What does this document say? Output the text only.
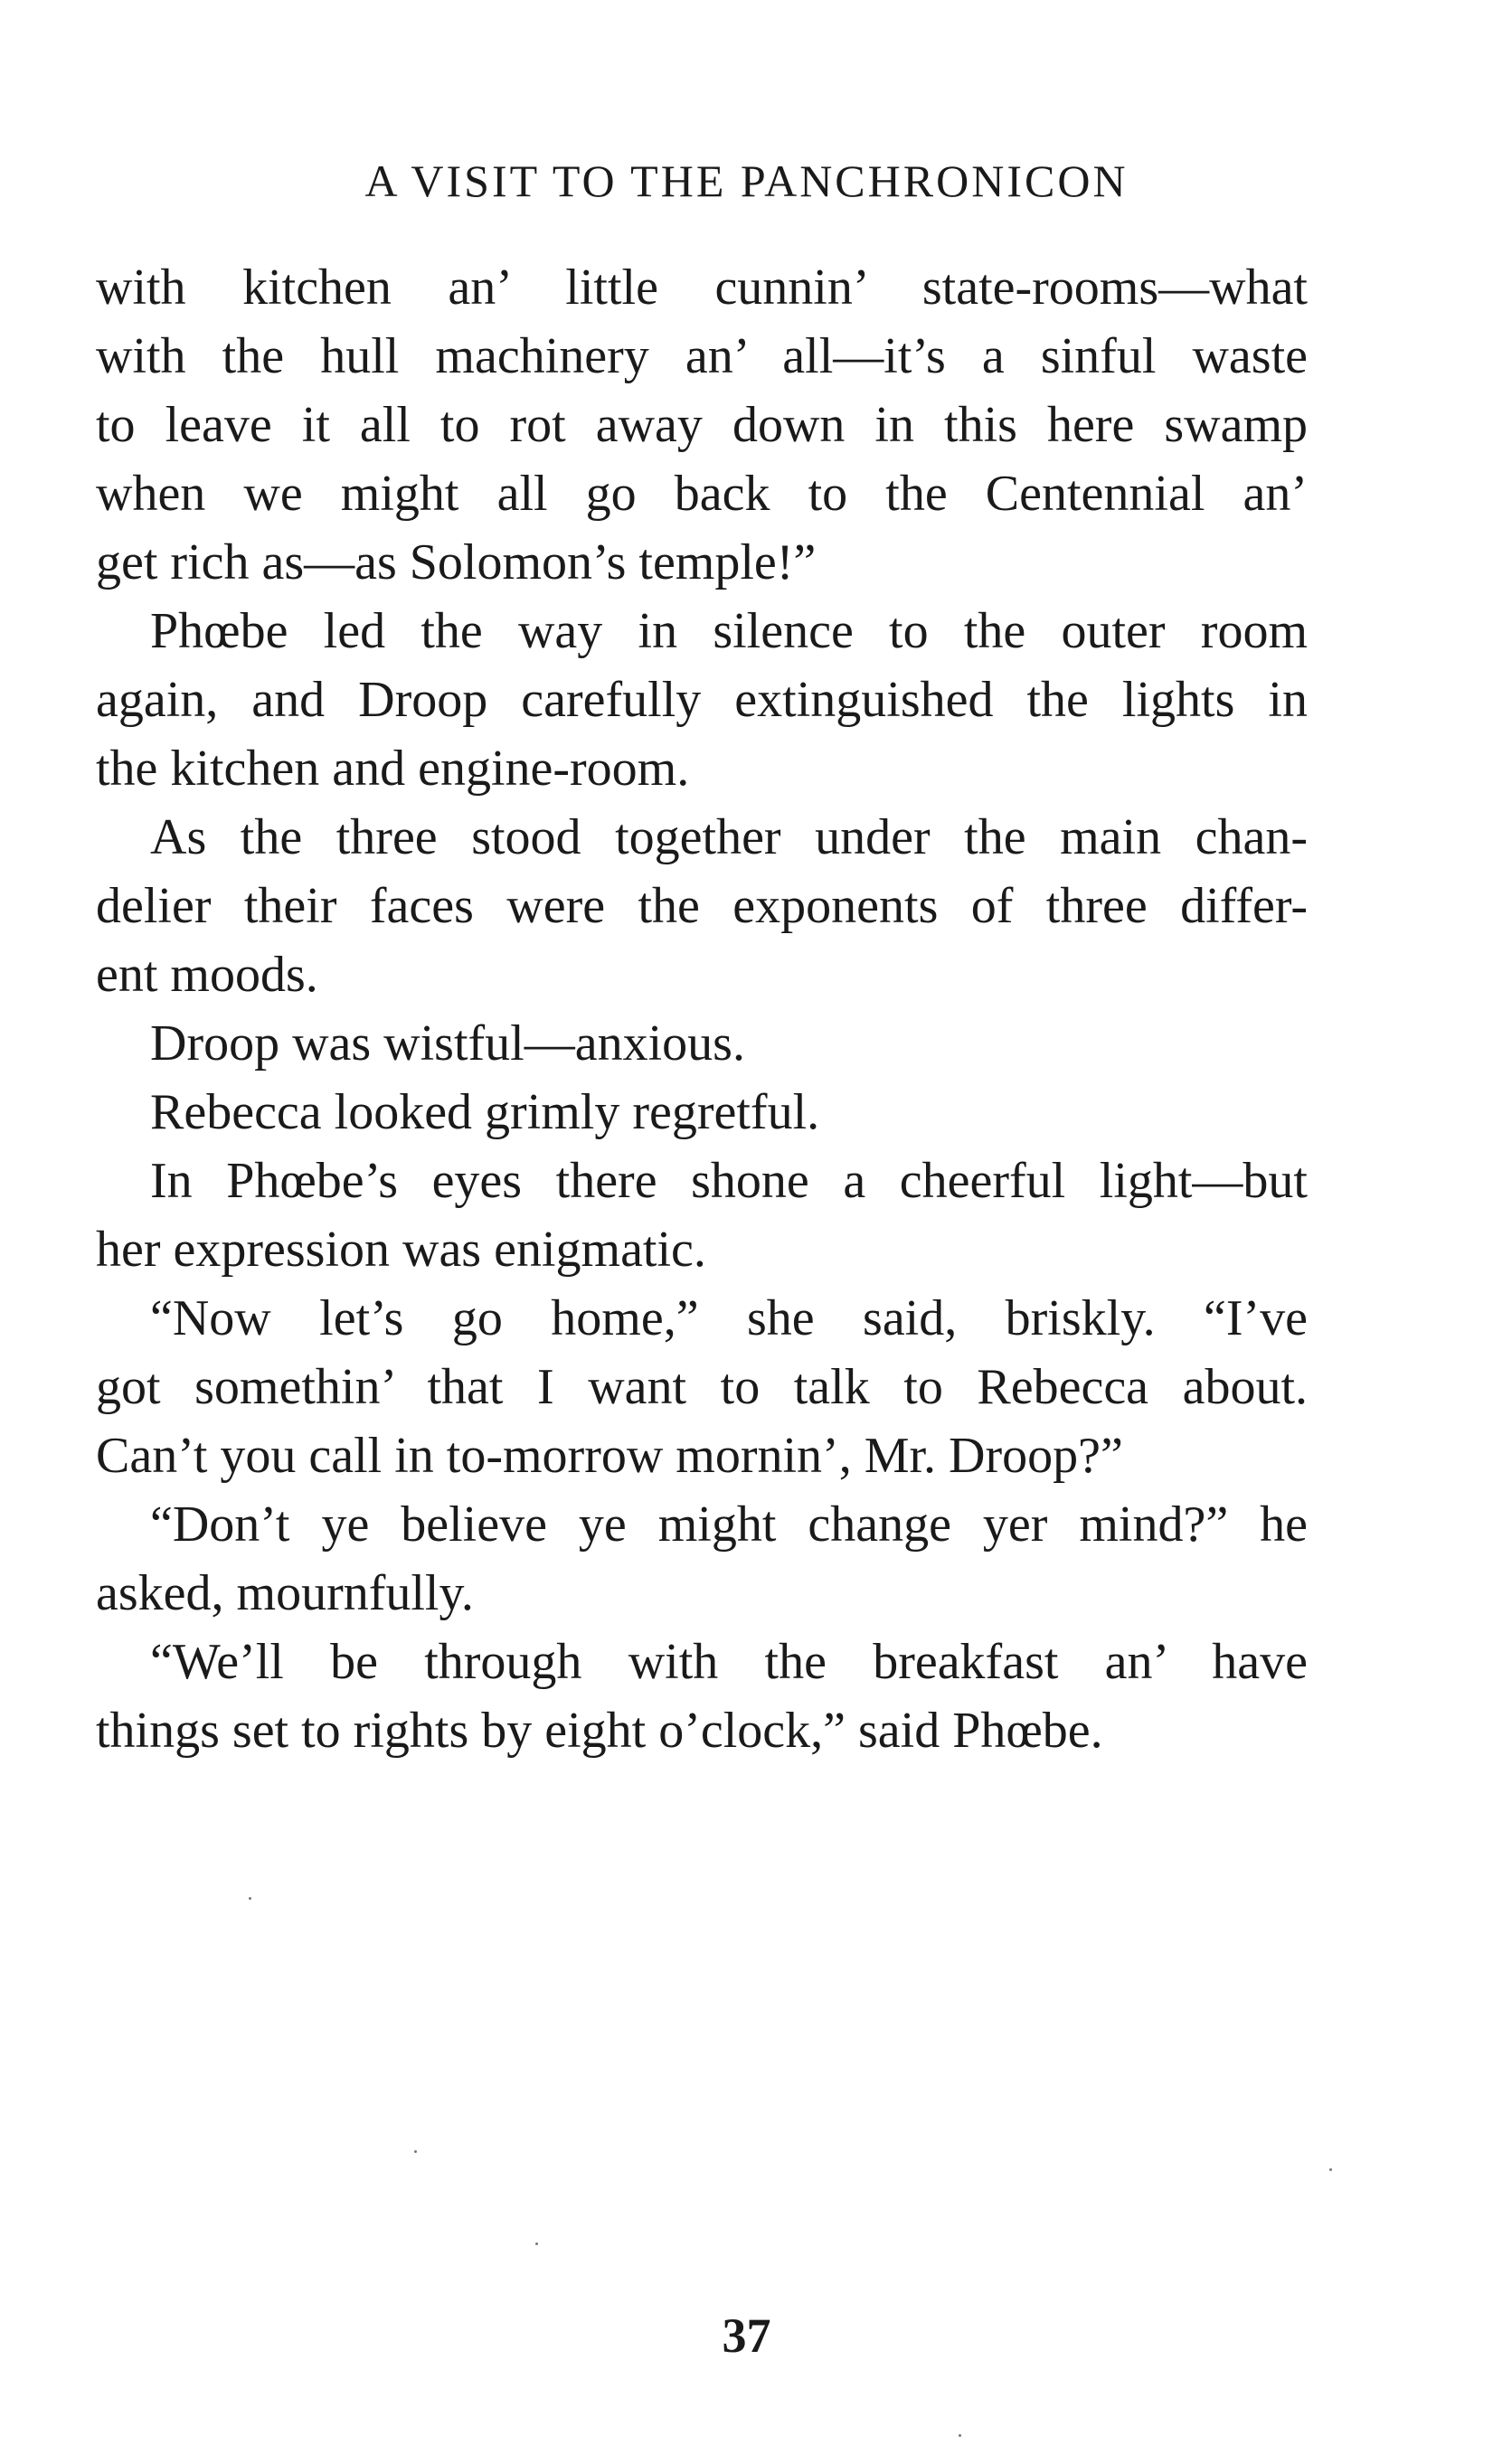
A VISIT TO THE PANCHRONICON
with kitchen an’ little cunnin’ state-rooms—what
with the hull machinery an’ all—it’s a sinful waste
to leave it all to rot away down in this here swamp
when we might all go back to the Centennial an’
get rich as—as Solomon’s temple!”
Phœbe led the way in silence to the outer room
again, and Droop carefully extinguished the lights in
the kitchen and engine-room.
As the three stood together under the main chan-
delier their faces were the exponents of three differ-
ent moods.
Droop was wistful—anxious.
Rebecca looked grimly regretful.
In Phœbe’s eyes there shone a cheerful light—but
her expression was enigmatic.
“Now let’s go home,” she said, briskly. “I’ve
got somethin’ that I want to talk to Rebecca about.
Can’t you call in to-morrow mornin’, Mr. Droop?”
“Don’t ye believe ye might change yer mind?” he
asked, mournfully.
“We’ll be through with the breakfast an’ have
things set to rights by eight o’clock,” said Phœbe.
37
